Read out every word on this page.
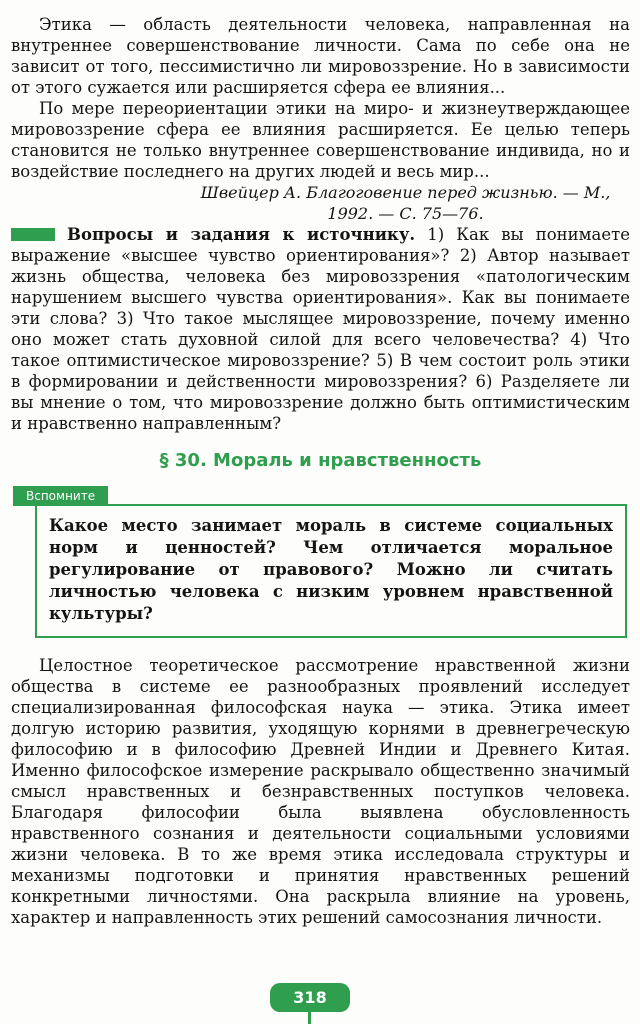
Этика — область деятельности человека, направленная на внутреннее совершенствование личности. Сама по себе она не зависит от того, пессимистично ли мировоззрение. Но в зависимости от этого сужается или расширяется сфера ее влияния...

По мере переориентации этики на миро- и жизнеутверждающее мировоззрение сфера ее влияния расширяется. Ее целью теперь становится не только внутреннее совершенствование индивида, но и воздействие последнего на других людей и весь мир...

Швейцер А. Благоговение перед жизнью. — М.,
1992. — С. 75—76.
Вопросы и задания к источнику. 1) Как вы понимаете выражение «высшее чувство ориентирования»? 2) Автор называет жизнь общества, человека без мировоззрения «патологическим нарушением высшего чувства ориентирования». Как вы понимаете эти слова? 3) Что такое мыслящее мировоззрение, почему именно оно может стать духовной силой для всего человечества? 4) Что такое оптимистическое мировоззрение? 5) В чем состоит роль этики в формировании и действенности мировоззрения? 6) Разделяете ли вы мнение о том, что мировоззрение должно быть оптимистическим и нравственно направленным?
§ 30. Мораль и нравственность
Вспомните
Какое место занимает мораль в системе социальных норм и ценностей? Чем отличается моральное регулирование от правового? Можно ли считать личностью человека с низким уровнем нравственной культуры?

Целостное теоретическое рассмотрение нравственной жизни общества в системе ее разнообразных проявлений исследует специализированная философская наука — этика. Этика имеет долгую историю развития, уходящую корнями в древнегреческую философию и в философию Древней Индии и Древнего Китая. Именно философское измерение раскрывало общественно значимый смысл нравственных и безнравственных поступков человека. Благодаря философии была выявлена обусловленность нравственного сознания и деятельности социальными условиями жизни человека. В то же время этика исследовала структуры и механизмы подготовки и принятия нравственных решений конкретными личностями. Она раскрыла влияние на уровень, характер и направленность этих решений самосознания личности.

318
